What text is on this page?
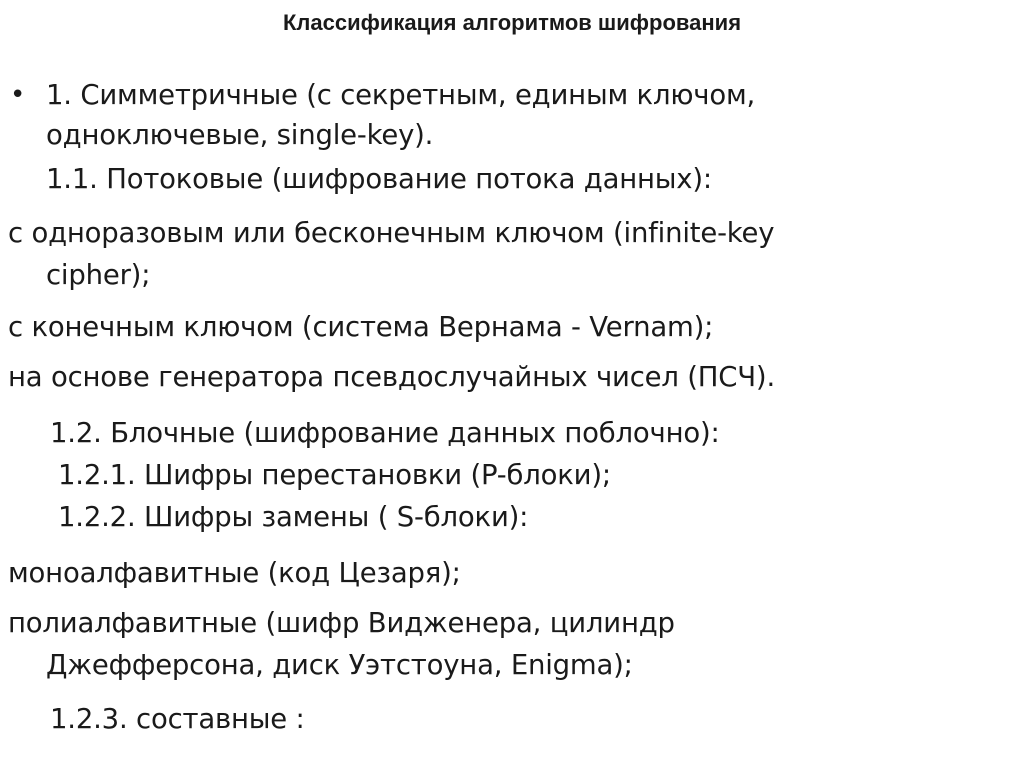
Классификация алгоритмов шифрования
• 1. Симметричные (с секретным, единым ключом,
одноключевые, single-key).
1.1. Потоковые (шифрование потока данных):
с одноразовым или бесконечным ключом (infinite-key
cipher);
с конечным ключом (система Вернама - Vernam);
на основе генератора псевдослучайных чисел (ПСЧ).
1.2. Блочные (шифрование данных поблочно):
1.2.1. Шифры перестановки (P-блоки);
1.2.2. Шифры замены ( S-блоки):
моноалфавитные (код Цезаря);
полиалфавитные (шифр Видженера, цилиндр
Джефферсона, диск Уэтстоуна, Enigma);
1.2.3. составные :
